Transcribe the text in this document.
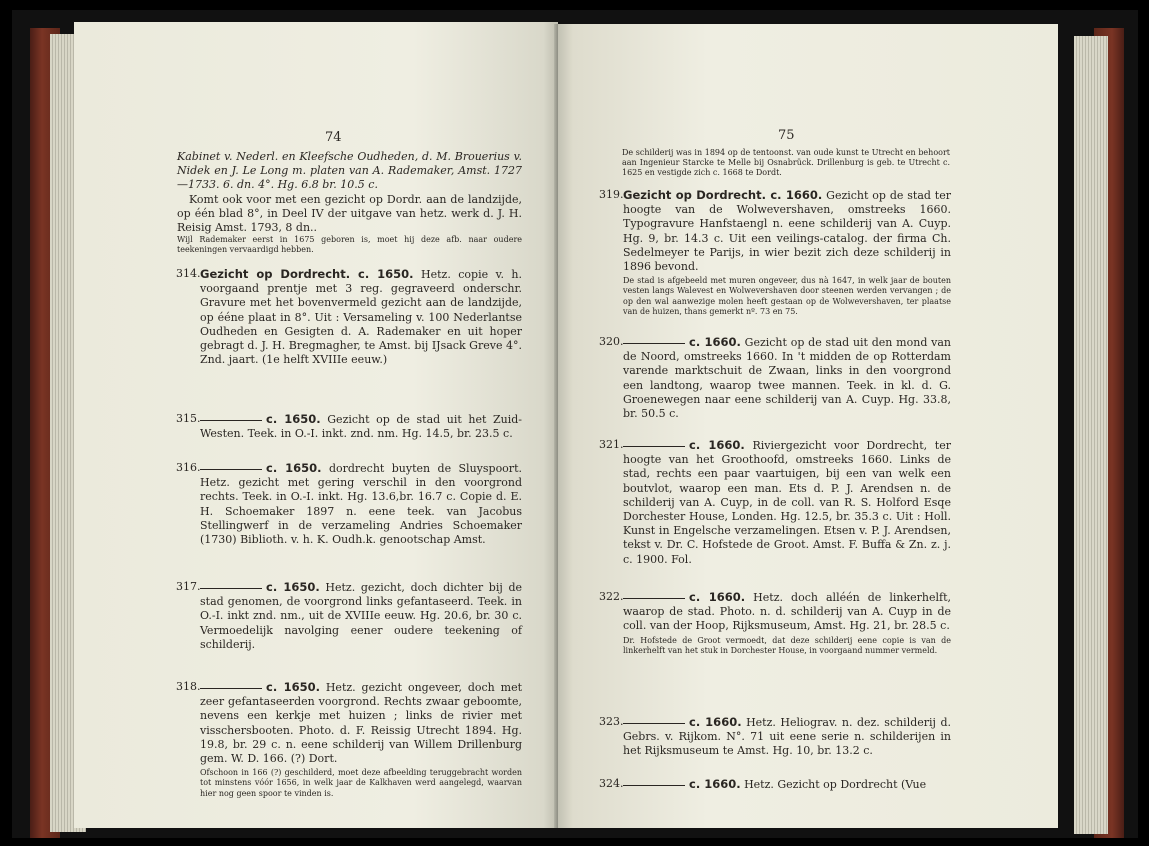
74

Kabinet v. Nederl. en Kleefsche Oudheden, d. M. Brouerius v. Nidek en J. Le Long m. platen van A. Rademaker, Amst. 1727—1733. 6. dn. 4°. Hg. 6.8 br. 10.5 c.

Komt ook voor met een gezicht op Dordr. aan de landzijde, op één blad 8°, in Deel IV der uitgave van hetz. werk d. J. H. Reisig Amst. 1793, 8 dn..

Wijl Rademaker eerst in 1675 geboren is, moet hij deze afb. naar oudere teekeningen vervaardigd hebben.

314. Gezicht op Dordrecht. c. 1650. Hetz. copie v. h. voorgaand prentje met 3 reg. gegraveerd onderschr. Gravure met het bovenvermeld gezicht aan de landzijde, op ééne plaat in 8°. Uit : Versameling v. 100 Nederlantse Oudheden en Gesigten d. A. Rademaker en uit hoper gebragt d. J. H. Bregmagher, te Amst. bij IJsack Greve 4°. Znd. jaart. (1e helft XVIIIe eeuw.)

315.	c. 1650. Gezicht op de stad uit het Zuid-Westen. Teek. in O.-I. inkt. znd. nm. Hg. 14.5, br. 23.5 c.

316.	c. 1650. dordrecht buyten de Sluyspoort. Hetz. gezicht met gering verschil in den voorgrond rechts. Teek. in O.-I. inkt. Hg. 13.6,br. 16.7 c. Copie d. E. H. Schoemaker 1897 n. eene teek. van Jacobus Stellingwerf in de verzameling Andries Schoemaker (1730) Biblioth. v. h. K. Oudh.k. genootschap Amst.

317.	c. 1650. Hetz. gezicht, doch dichter bij de stad genomen, de voorgrond links gefantaseerd. Teek. in O.-I. inkt znd. nm., uit de XVIIIe eeuw. Hg. 20.6, br. 30 c. Vermoedelijk navolging eener oudere teekening of schilderij.

318.	c. 1650. Hetz. gezicht ongeveer, doch met zeer gefantaseerden voorgrond. Rechts zwaar geboomte, nevens een kerkje met huizen ; links de rivier met visschersbooten. Photo. d. F. Reissig Utrecht 1894. Hg. 19.8, br. 29 c. n. eene schilderij van Willem Drillenburg gem. W. D. 166. (?) Dort.

Ofschoon in 166 (?) geschilderd, moet deze afbeelding teruggebracht worden tot minstens vóór 1656, in welk jaar de Kalkhaven werd aangelegd, waarvan hier nog geen spoor te vinden is.

75

De schilderij was in 1894 op de tentoonst. van oude kunst te Utrecht en behoort aan Ingenieur Starcke te Melle bij Osnabrück. Drillenburg is geb. te Utrecht c. 1625 en vestigde zich c. 1668 te Dordt.

319. Gezicht op Dordrecht. c. 1660. Gezicht op de stad ter hoogte van de Wolwevershaven, omstreeks 1660. Typogravure Hanfstaengl n. eene schilderij van A. Cuyp. Hg. 9, br. 14.3 c. Uit een veilings-catalog. der firma Ch. Sedelmeyer te Parijs, in wier bezit zich deze schilderij in 1896 bevond.

De stad is afgebeeld met muren ongeveer, dus nà 1647, in welk jaar de bouten vesten langs Walevest en Wolwevershaven door steenen werden vervangen ; de op den wal aanwezige molen heeft gestaan op de Wolwevershaven, ter plaatse van de huizen, thans gemerkt nº. 73 en 75.

320.	c. 1660. Gezicht op de stad uit den mond van de Noord, omstreeks 1660. In 't midden de op Rotterdam varende marktschuit de Zwaan, links in den voorgrond een landtong, waarop twee mannen. Teek. in kl. d. G. Groenewegen naar eene schilderij van A. Cuyp. Hg. 33.8, br. 50.5 c.

321.	c. 1660. Riviergezicht voor Dordrecht, ter hoogte van het Groothoofd, omstreeks 1660. Links de stad, rechts een paar vaartuigen, bij een van welk een boutvlot, waarop een man. Ets d. P. J. Arendsen n. de schilderij van A. Cuyp, in de coll. van R. S. Holford Esqe Dorchester House, Londen. Hg. 12.5, br. 35.3 c. Uit : Holl. Kunst in Engelsche verzamelingen. Etsen v. P. J. Arendsen, tekst v. Dr. C. Hofstede de Groot. Amst. F. Buffa & Zn. z. j. c. 1900. Fol.

322.	c. 1660. Hetz. doch alléén de linkerhelft, waarop de stad. Photo. n. d. schilderij van A. Cuyp in de coll. van der Hoop, Rijksmuseum, Amst. Hg. 21, br. 28.5 c.

Dr. Hofstede de Groot vermoedt, dat deze schilderij eene copie is van de linkerhelft van het stuk in Dorchester House, in voorgaand nummer vermeld.

323.	c. 1660. Hetz. Heliograv. n. dez. schilderij d. Gebrs. v. Rijkom. N°. 71 uit eene serie n. schilderijen in het Rijksmuseum te Amst. Hg. 10, br. 13.2 c.

324.	c. 1660. Hetz. Gezicht op Dordrecht (Vue
